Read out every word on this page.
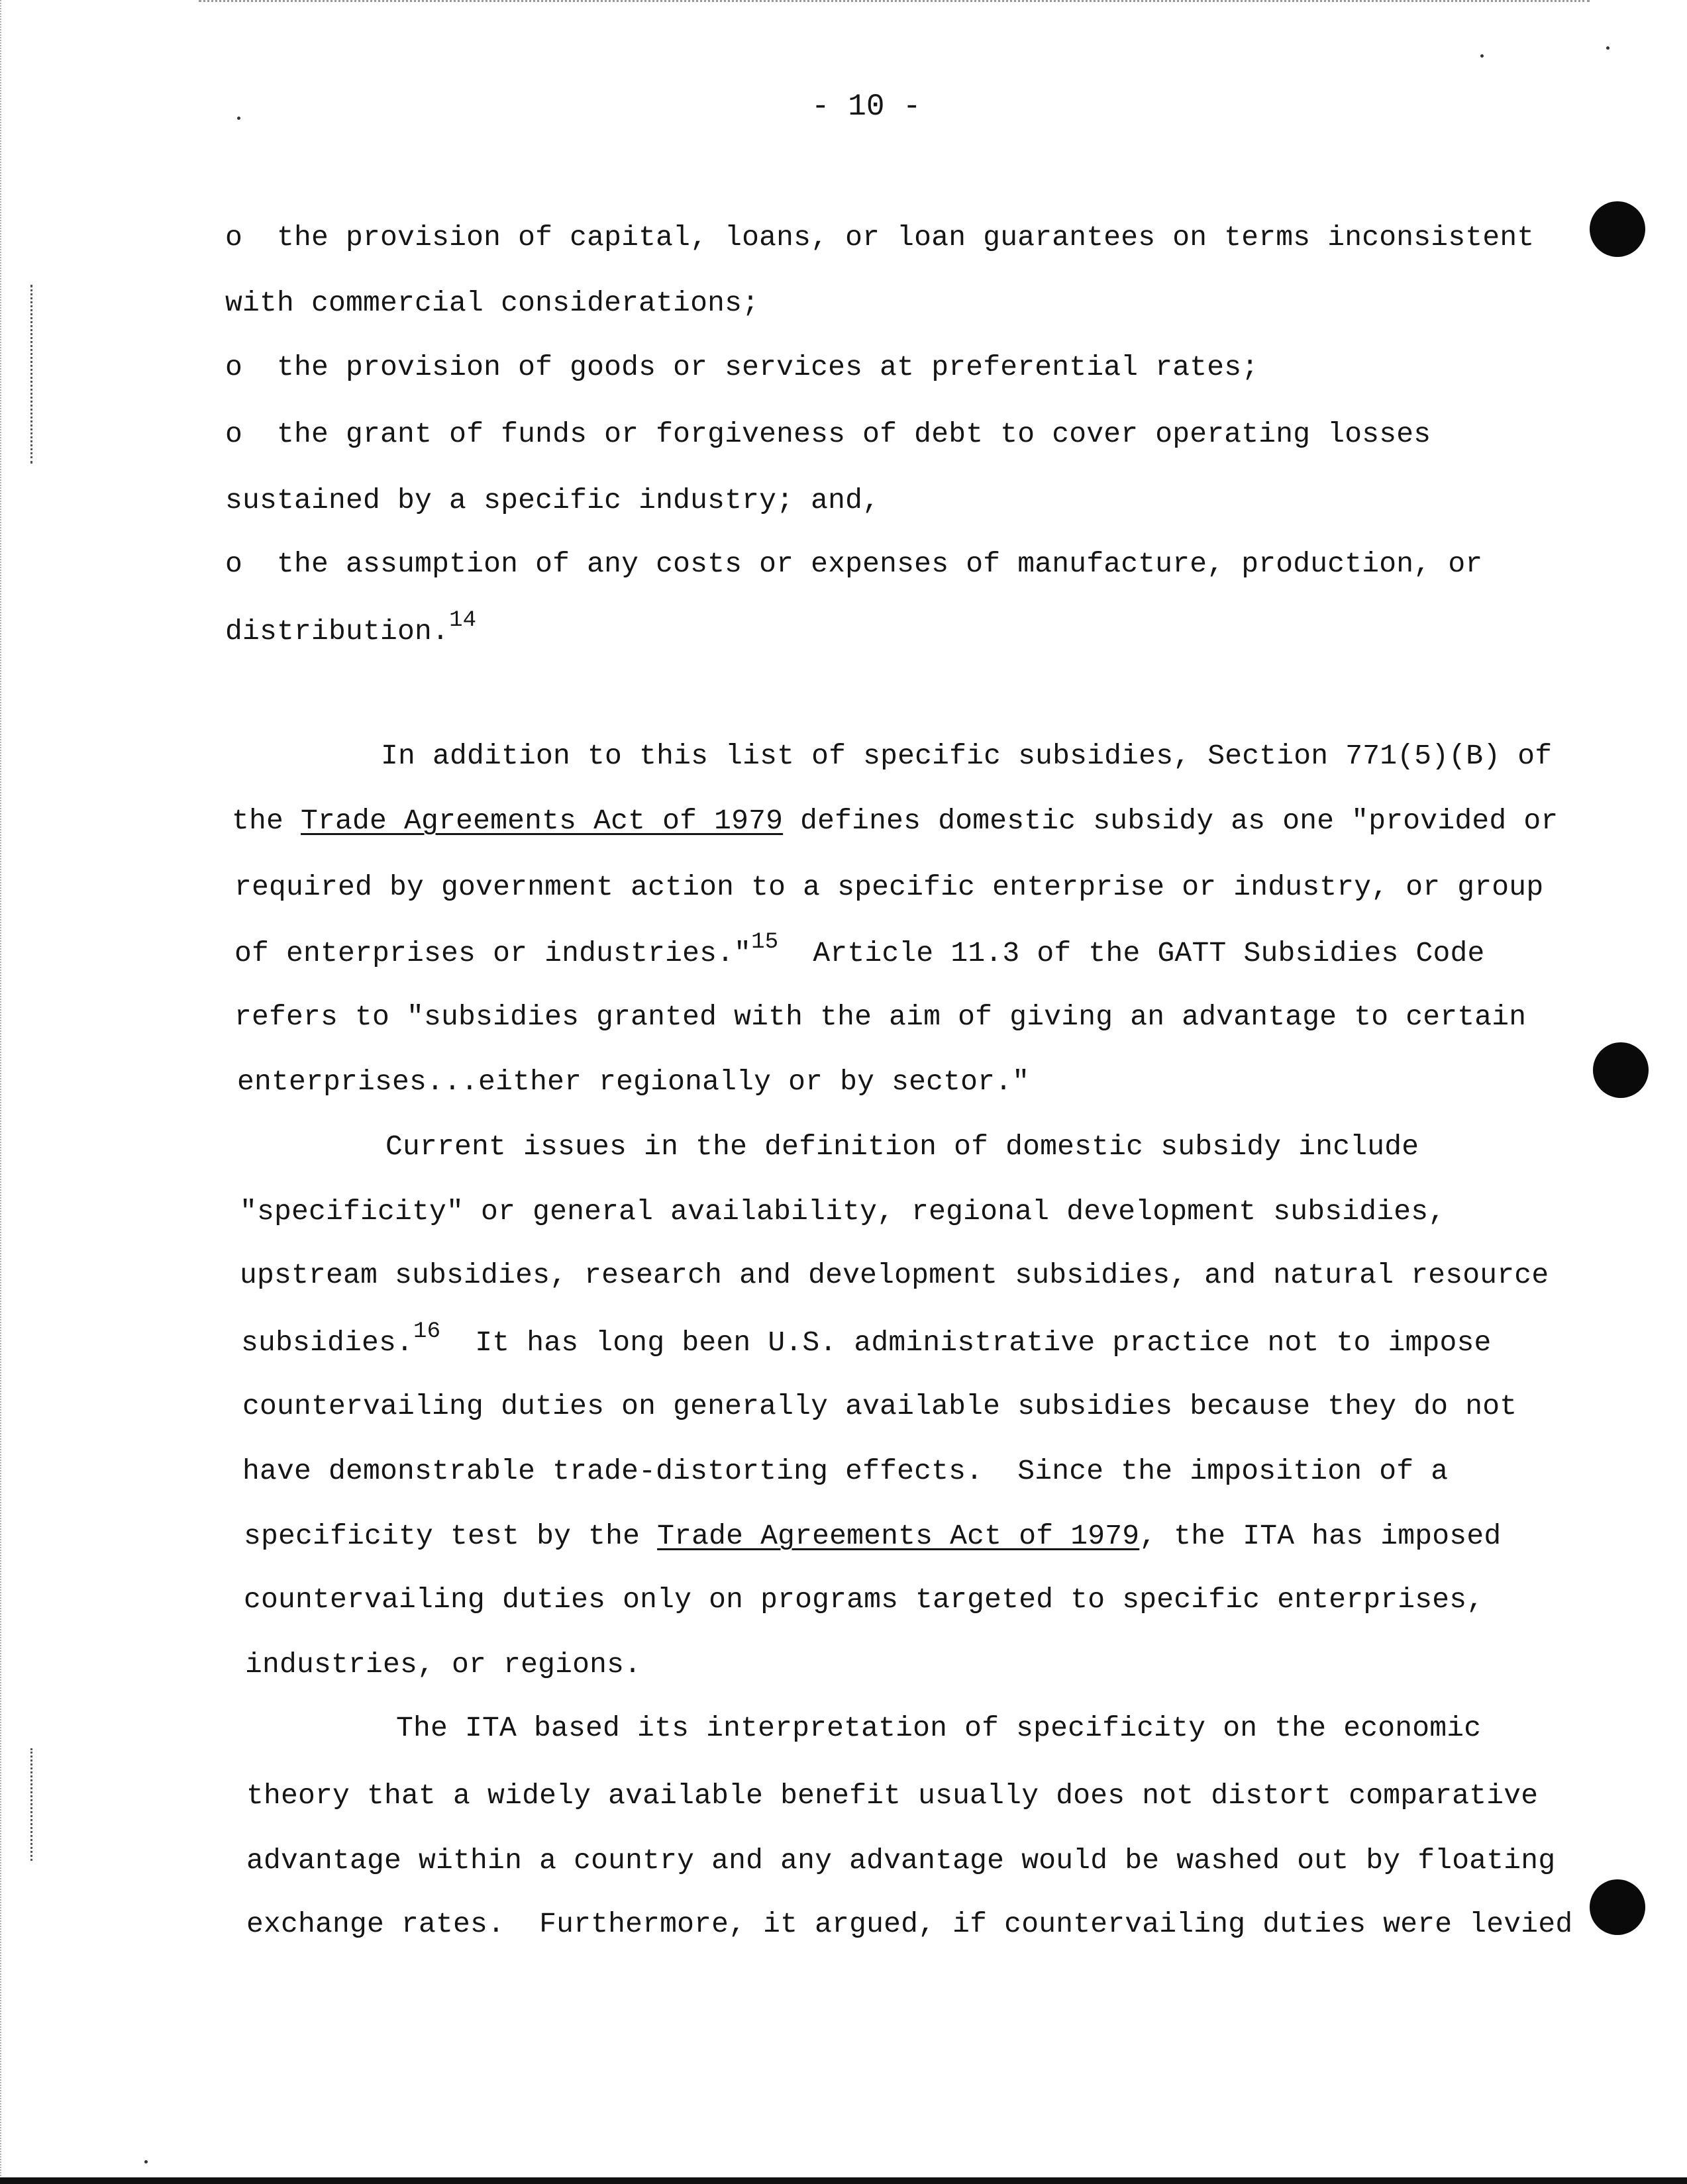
- 10 -
o the provision of capital, loans, or loan guarantees on terms inconsistent
with commercial considerations;
o the provision of goods or services at preferential rates;
o the grant of funds or forgiveness of debt to cover operating losses
sustained by a specific industry; and,
o the assumption of any costs or expenses of manufacture, production, or
distribution.$^{14}$
In addition to this list of specific subsidies, Section 771(5)(B) of
the Trade Agreements Act of 1979 defines domestic subsidy as one "provided or
required by government action to a specific enterprise or industry, or group
of enterprises or industries."$^{15}$  Article 11.3 of the GATT Subsidies Code
refers to "subsidies granted with the aim of giving an advantage to certain
enterprises...either regionally or by sector."
Current issues in the definition of domestic subsidy include
"specificity" or general availability, regional development subsidies,
upstream subsidies, research and development subsidies, and natural resource
subsidies.$^{16}$  It has long been U.S. administrative practice not to impose
countervailing duties on generally available subsidies because they do not
have demonstrable trade-distorting effects.  Since the imposition of a
specificity test by the Trade Agreements Act of 1979, the ITA has imposed
countervailing duties only on programs targeted to specific enterprises,
industries, or regions.
The ITA based its interpretation of specificity on the economic
theory that a widely available benefit usually does not distort comparative
advantage within a country and any advantage would be washed out by floating
exchange rates.  Furthermore, it argued, if countervailing duties were levied
